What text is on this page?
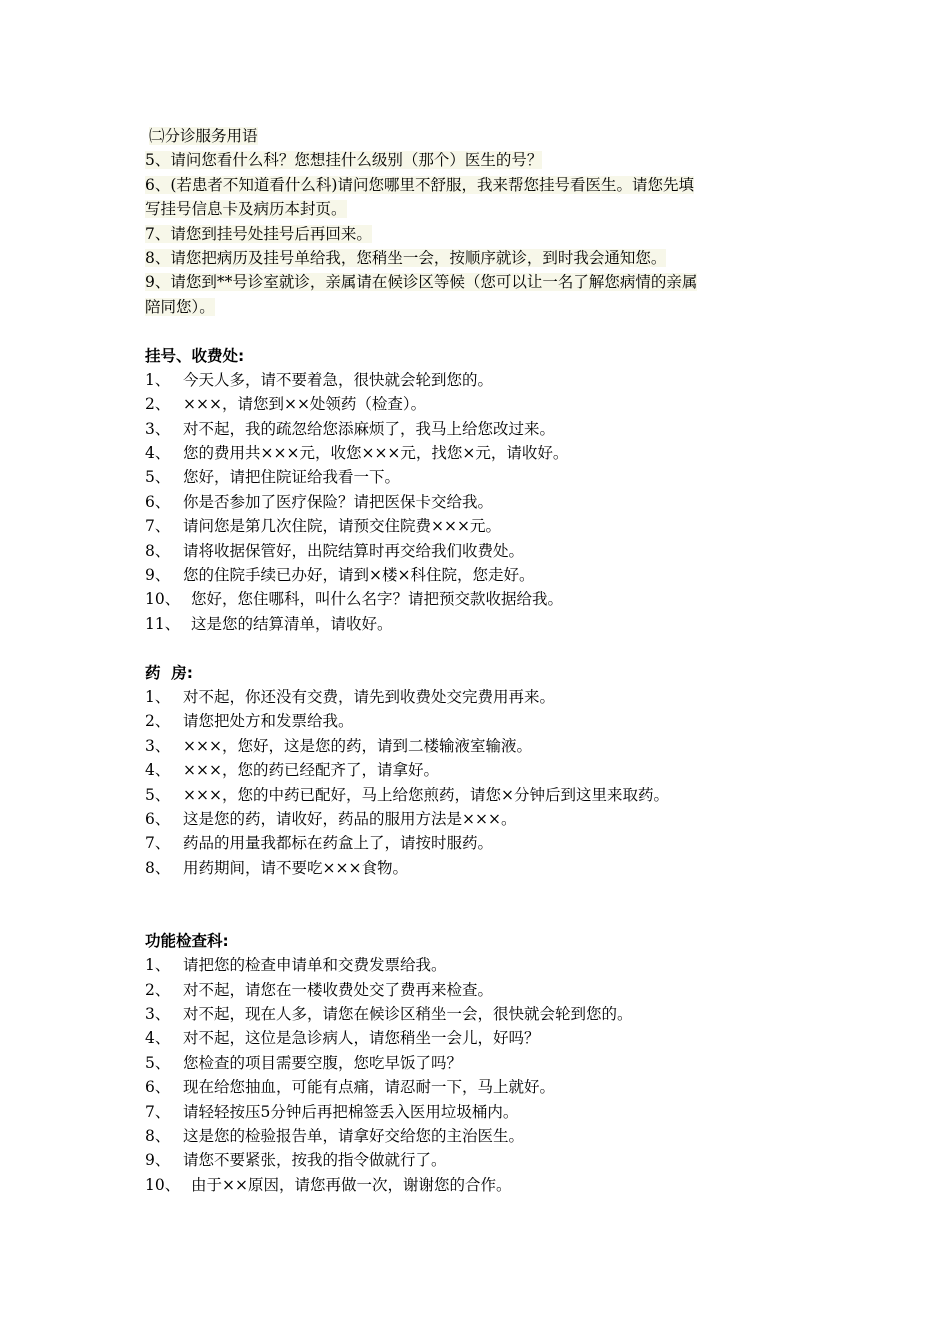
㈡分诊服务用语
5、请问您看什么科？您想挂什么级别（那个）医生的号？
6、(若患者不知道看什么科)请问您哪里不舒服，我来帮您挂号看医生。请您先填
写挂号信息卡及病历本封页。
7、请您到挂号处挂号后再回来。
8、请您把病历及挂号单给我，您稍坐一会，按顺序就诊，到时我会通知您。
9、请您到**号诊室就诊，亲属请在候诊区等候（您可以让一名了解您病情的亲属
陪同您）。
挂号、收费处:
1、 今天人多，请不要着急，很快就会轮到您的。
2、 ×××，请您到××处领药（检查）。
3、 对不起，我的疏忽给您添麻烦了，我马上给您改过来。
4、 您的费用共×××元，收您×××元，找您×元，请收好。
5、 您好，请把住院证给我看一下。
6、 你是否参加了医疗保险？请把医保卡交给我。
7、 请问您是第几次住院，请预交住院费×××元。
8、 请将收据保管好，出院结算时再交给我们收费处。
9、 您的住院手续已办好，请到×楼×科住院，您走好。
10、 您好，您住哪科，叫什么名字？请把预交款收据给我。
11、 这是您的结算清单，请收好。
药  房:
1、 对不起，你还没有交费，请先到收费处交完费用再来。
2、 请您把处方和发票给我。
3、 ×××，您好，这是您的药，请到二楼输液室输液。
4、 ×××，您的药已经配齐了，请拿好。
5、 ×××，您的中药已配好，马上给您煎药，请您×分钟后到这里来取药。
6、 这是您的药，请收好，药品的服用方法是×××。
7、 药品的用量我都标在药盒上了，请按时服药。
8、 用药期间，请不要吃×××食物。
功能检查科:
1、 请把您的检查申请单和交费发票给我。
2、 对不起，请您在一楼收费处交了费再来检查。
3、 对不起，现在人多，请您在候诊区稍坐一会，很快就会轮到您的。
4、 对不起，这位是急诊病人，请您稍坐一会儿，好吗？
5、 您检查的项目需要空腹，您吃早饭了吗？
6、 现在给您抽血，可能有点痛，请忍耐一下，马上就好。
7、 请轻轻按压5分钟后再把棉签丢入医用垃圾桶内。
8、 这是您的检验报告单，请拿好交给您的主治医生。
9、 请您不要紧张，按我的指令做就行了。
10、 由于××原因，请您再做一次，谢谢您的合作。
